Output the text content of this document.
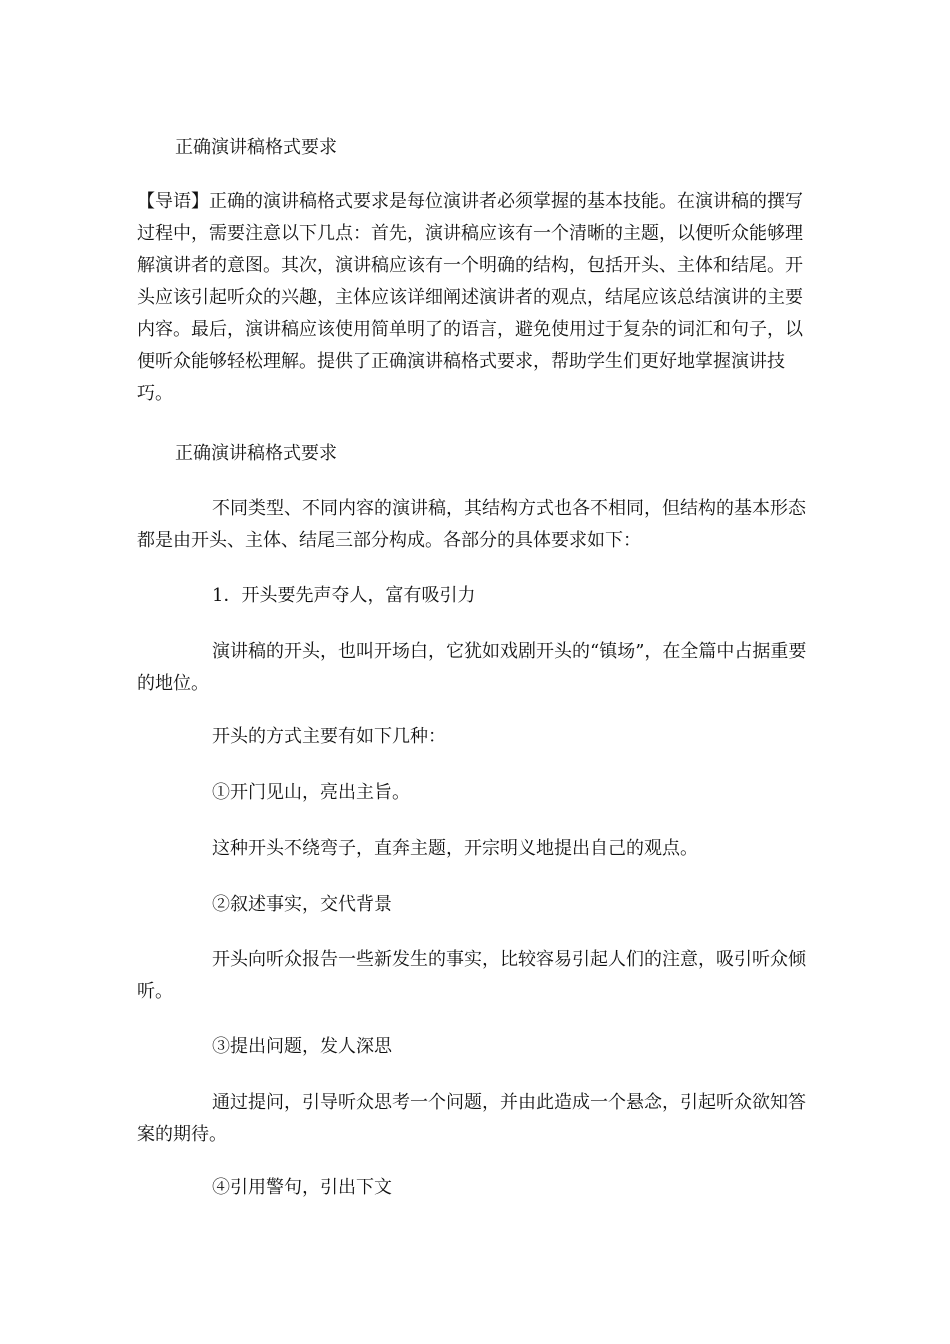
正确演讲稿格式要求

【导语】正确的演讲稿格式要求是每位演讲者必须掌握的基本技能。在演讲稿的撰写过程中，需要注意以下几点：首先，演讲稿应该有一个清晰的主题，以便听众能够理解演讲者的意图。其次，演讲稿应该有一个明确的结构，包括开头、主体和结尾。开头应该引起听众的兴趣，主体应该详细阐述演讲者的观点，结尾应该总结演讲的主要内容。最后，演讲稿应该使用简单明了的语言，避免使用过于复杂的词汇和句子，以便听众能够轻松理解。提供了正确演讲稿格式要求，帮助学生们更好地掌握演讲技巧。

正确演讲稿格式要求

不同类型、不同内容的演讲稿，其结构方式也各不相同，但结构的基本形态都是由开头、主体、结尾三部分构成。各部分的具体要求如下：

1．开头要先声夺人，富有吸引力

演讲稿的开头，也叫开场白，它犹如戏剧开头的“镇场”，在全篇中占据重要的地位。

开头的方式主要有如下几种：

①开门见山，亮出主旨。

这种开头不绕弯子，直奔主题，开宗明义地提出自己的观点。

②叙述事实，交代背景

开头向听众报告一些新发生的事实，比较容易引起人们的注意，吸引听众倾听。

③提出问题，发人深思

通过提问，引导听众思考一个问题，并由此造成一个悬念，引起听众欲知答案的期待。

④引用警句，引出下文
